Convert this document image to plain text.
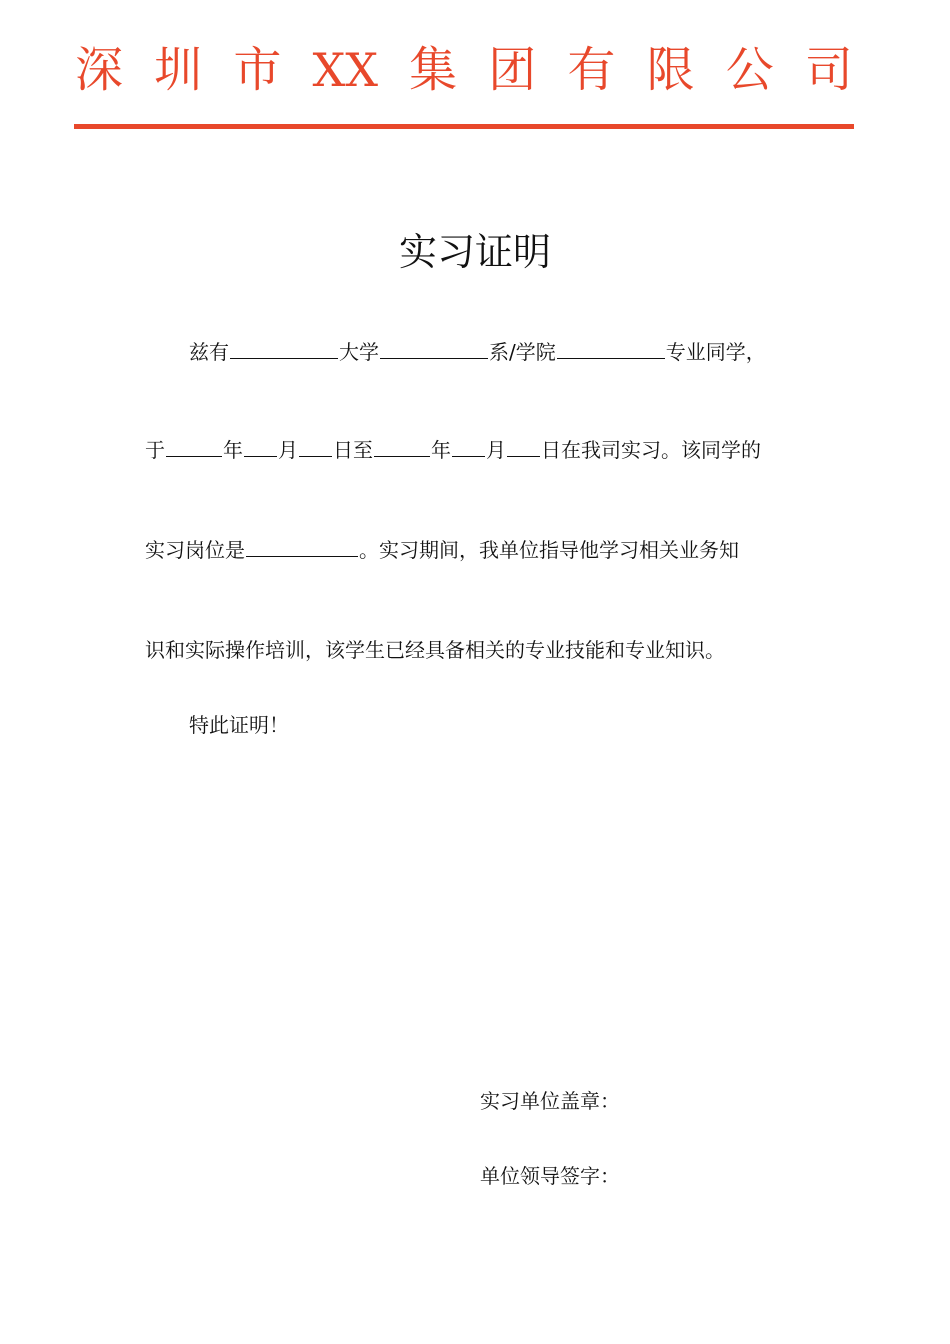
深 圳 市 XX 集 团 有 限 公 司
实习证明
兹有	大学	系/学院	专业同学，
于	年 月 日至	年 月 日在我司实习。该同学的
实习岗位是	。实习期间，我单位指导他学习相关业务知
识和实际操作培训，该学生已经具备相关的专业技能和专业知识。
特此证明！
实习单位盖章：
单位领导签字：
